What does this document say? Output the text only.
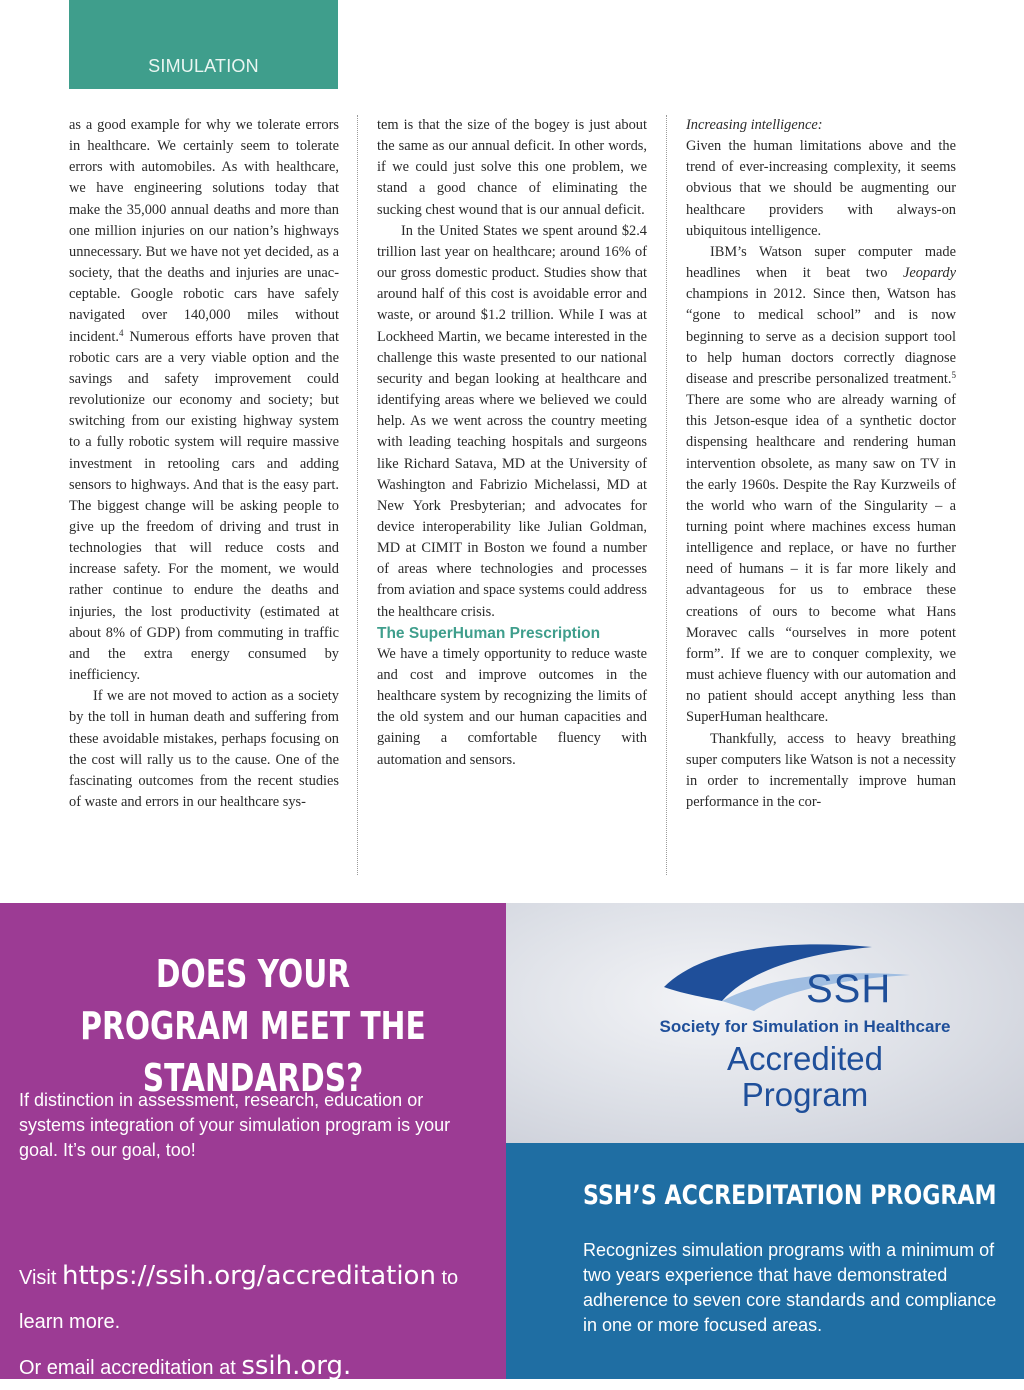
SIMULATION

as a good example for why we tolerate errors in healthcare. We certainly seem to tolerate errors with automobiles. As with healthcare, we have engineering solutions today that make the 35,000 annual deaths and more than one million injuries on our nation’s highways unnecessary. But we have not yet decided, as a society, that the deaths and injuries are unacceptable. Google robotic cars have safely navigated over 140,000 miles without incident.$^4$ Numerous efforts have proven that robotic cars are a very viable option and the savings and safety improvement could revolutionize our economy and society; but switching from our existing highway system to a fully robotic system will require massive investment in retooling cars and adding sensors to highways. And that is the easy part. The biggest change will be asking people to give up the freedom of driving and trust in technologies that will reduce costs and increase safety. For the moment, we would rather continue to endure the deaths and injuries, the lost productivity (estimated at about 8% of GDP) from commuting in traffic and the extra energy consumed by inefficiency.

If we are not moved to action as a society by the toll in human death and suffering from these avoidable mistakes, perhaps focusing on the cost will rally us to the cause. One of the fascinating outcomes from the recent studies of waste and errors in our healthcare sys-

tem is that the size of the bogey is just about the same as our annual deficit. In other words, if we could just solve this one problem, we stand a good chance of eliminating the sucking chest wound that is our annual deficit.

In the United States we spent around $2.4 trillion last year on healthcare; around 16% of our gross domestic product. Studies show that around half of this cost is avoidable error and waste, or around $1.2 trillion. While I was at Lockheed Martin, we became interested in the challenge this waste presented to our national security and began looking at healthcare and identifying areas where we believed we could help. As we went across the country meeting with leading teaching hospitals and surgeons like Richard Satava, MD at the University of Washington and Fabrizio Michelassi, MD at New York Presbyterian; and advocates for device interoperability like Julian Goldman, MD at CIMIT in Boston we found a number of areas where technologies and processes from aviation and space systems could address the healthcare crisis.

The SuperHuman Prescription

We have a timely opportunity to reduce waste and cost and improve outcomes in the healthcare system by recognizing the limits of the old system and our human capacities and gaining a comfortable fluency with automation and sensors.

Increasing intelligence:

Given the human limitations above and the trend of ever-increasing complexity, it seems obvious that we should be augmenting our healthcare providers with always-on ubiquitous intelligence.

IBM’s Watson super computer made headlines when it beat two Jeopardy champions in 2012. Since then, Watson has “gone to medical school” and is now beginning to serve as a decision support tool to help human doctors correctly diagnose disease and prescribe personalized treatment.$^5$ There are some who are already warning of this Jetson-esque idea of a synthetic doctor dispensing healthcare and rendering human intervention obsolete, as many saw on TV in the early 1960s. Despite the Ray Kurzweils of the world who warn of the Singularity – a turning point where machines excess human intelligence and replace, or have no further need of humans – it is far more likely and advantageous for us to embrace these creations of ours to become what Hans Moravec calls “ourselves in more potent form”. If we are to conquer complexity, we must achieve fluency with our automation and no patient should accept anything less than SuperHuman healthcare.

Thankfully, access to heavy breathing super computers like Watson is not a necessity in order to incrementally improve human performance in the cor-

DOES YOUR PROGRAM MEET THE STANDARDS?
If distinction in assessment, research, education or systems integration of your simulation program is your goal. It’s our goal, too!
Visit https://ssih.org/accreditation to learn more.
Or email accreditation at ssih.org.
SSH
Society for Simulation in Healthcare
Accredited
Program
SSH’S ACCREDITATION PROGRAM
Recognizes simulation programs with a minimum of two years experience that have demonstrated adherence to seven core standards and compliance in one or more focused areas.
